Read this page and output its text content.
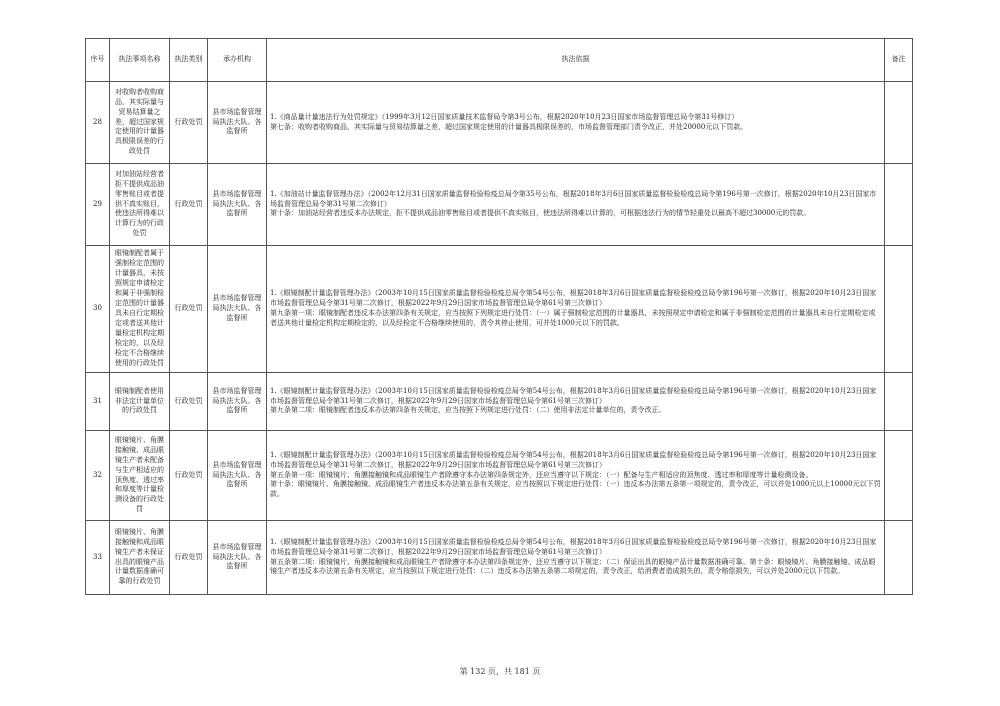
序号	执法事项名称	执法类别	承办机构	执法依据	备注
28	对收购者收购商品，其实际量与贸易结算量之差，超过国家规定使用的计量器具极限误差的行政处罚	行政处罚	县市场监督管理局执法大队、各监督所	1.《商品量计量违法行为处罚规定》（1999年3月12日国家质量技术监督局令第3号公布，根据2020年10月23日国家市场监督管理总局令第31号修订）
第七条：收购者收购商品，其实际量与贸易结算量之差，超过国家规定使用的计量器具极限误差的，市场监督管理部门责令改正，并处20000元以下罚款。	

29	对加油站经营者拒不提供成品油零售账目或者提供不真实账目，使违法所得难以计算行为的行政处罚	行政处罚	县市场监督管理局执法大队、各监督所	1.《加油站计量监督管理办法》（2002年12月31日国家质量监督检验检疫总局令第35号公布，根据2018年3月6日国家质量监督检验检疫总局令第196号第一次修订，根据2020年10月23日国家市场监督管理总局令第31号第二次修订）
第十条：加油站经营者违反本办法规定，拒不提供成品油零售账目或者提供不真实账目，使违法所得难以计算的，可根据违法行为的情节轻重处以最高不超过30000元的罚款。	

30	眼镜制配者属于强制检定范围的计量器具，未按照规定申请检定和属于非强制检定范围的计量器具未自行定期检定或者送其他计量检定机构定期检定的，以及经检定不合格继续使用的行政处罚	行政处罚	县市场监督管理局执法大队、各监督所	1.《眼镜制配计量监督管理办法》（2003年10月15日国家质量监督检验检疫总局令第54号公布，根据2018年3月6日国家质量监督检验检疫总局令第196号第一次修订，根据2020年10月23日国家市场监督管理总局令第31号第二次修订，根据2022年9月29日国家市场监督管理总局令第61号第三次修订）
第九条第一项：眼镜制配者违反本办法第四条有关规定，应当按照下列规定进行处罚：（一）属于强制检定范围的计量器具，未按照规定申请检定和属于非强制检定范围的计量器具未自行定期检定或者送其他计量检定机构定期检定的，以及经检定不合格继续使用的，责令其停止使用，可并处1000元以下的罚款。	

31	眼镜制配者使用非法定计量单位的行政处罚	行政处罚	县市场监督管理局执法大队、各监督所	1.《眼镜制配计量监督管理办法》（2003年10月15日国家质量监督检验检疫总局令第54号公布，根据2018年3月6日国家质量监督检验检疫总局令第196号第一次修订，根据2020年10月23日国家市场监督管理总局令第31号第二次修订，根据2022年9月29日国家市场监督管理总局令第61号第三次修订）
第九条第二项：眼镜制配者违反本办法第四条有关规定，应当按照下列规定进行处罚：（二）使用非法定计量单位的，责令改正。	

32	眼镜镜片、角膜接触镜、成品眼镜生产者未配备与生产相适应的顶焦度、透过率和厚度等计量检测设备的行政处罚	行政处罚	县市场监督管理局执法大队、各监督所	1.《眼镜制配计量监督管理办法》（2003年10月15日国家质量监督检验检疫总局令第54号公布，根据2018年3月6日国家质量监督检验检疫总局令第196号第一次修订，根据2020年10月23日国家市场监督管理总局令第31号第二次修订，根据2022年9月29日国家市场监督管理总局令第61号第三次修订）
第五条第一项：眼镜镜片、角膜接触镜和成品眼镜生产者除遵守本办法第四条规定外，还应当遵守以下规定：（一）配备与生产相适应的顶焦度、透过率和厚度等计量检测设备。
第十条：眼镜镜片、角膜接触镜、成品眼镜生产者违反本办法第五条有关规定，应当按照以下规定进行处罚：（一）违反本办法第五条第一项规定的，责令改正，可以并处1000元以上10000元以下罚款。	

33	眼镜镜片、角膜接触镜和成品眼镜生产者未保证出具的眼镜产品计量数据准确可靠的行政处罚	行政处罚	县市场监督管理局执法大队、各监督所	1.《眼镜制配计量监督管理办法》（2003年10月15日国家质量监督检验检疫总局令第54号公布，根据2018年3月6日国家质量监督检验检疫总局令第196号第一次修订，根据2020年10月23日国家市场监督管理总局令第31号第二次修订，根据2022年9月29日国家市场监督管理总局令第61号第三次修订）
第五条第二项：眼镜镜片、角膜接触镜和成品眼镜生产者除遵守本办法第四条规定外，还应当遵守以下规定：（二）保证出具的眼镜产品计量数据准确可靠。第十条：眼镜镜片、角膜接触镜、成品眼镜生产者违反本办法第五条有关规定，应当按照以下规定进行处罚：（二）违反本办法第五条第二项规定的，责令改正，给消费者造成损失的，责令赔偿损失，可以并处2000元以下罚款。	

第 132 页，共 181 页
